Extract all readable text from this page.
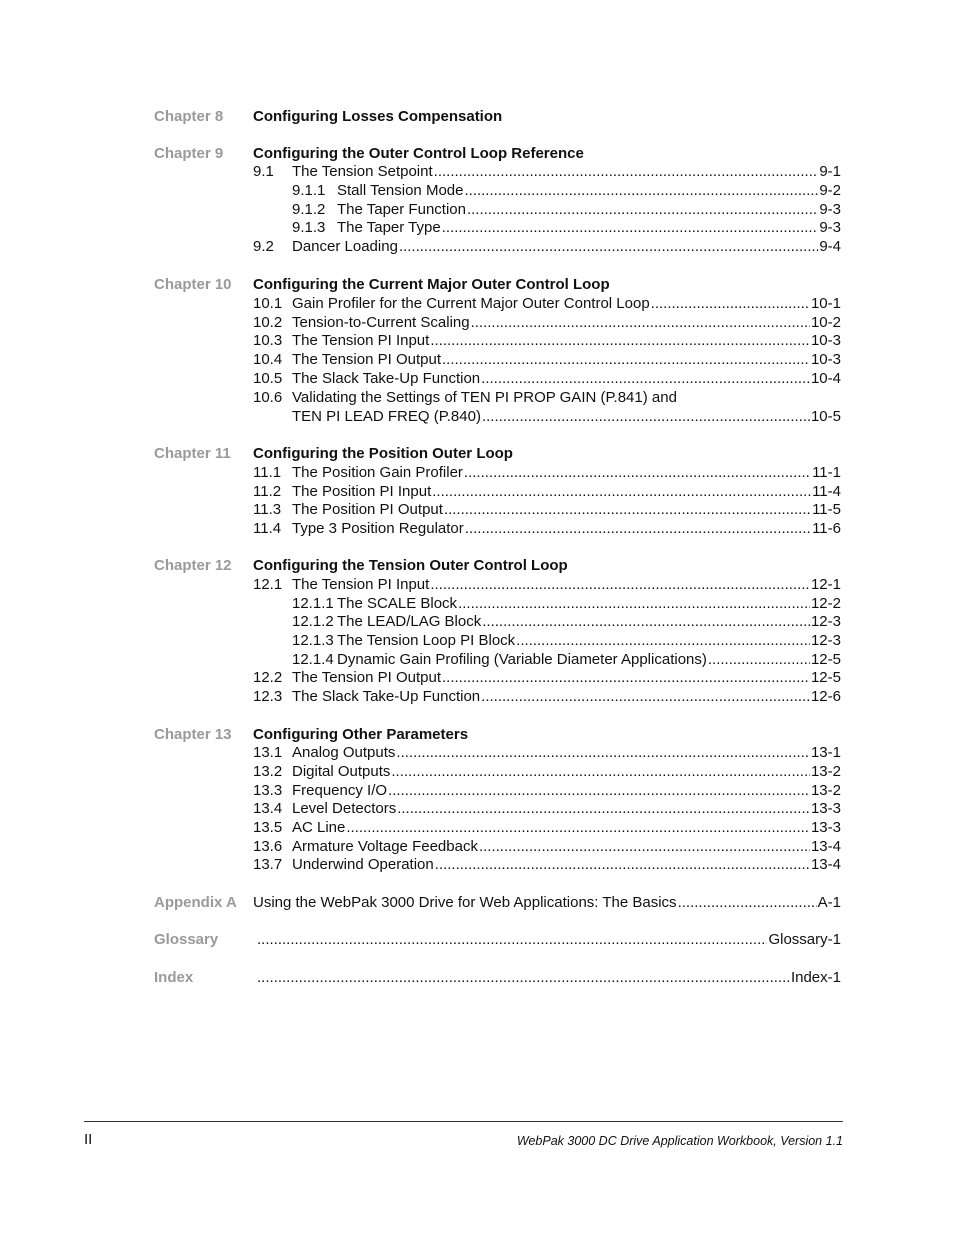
Chapter 8 Configuring Losses Compensation
Chapter 9 Configuring the Outer Control Loop Reference
9.1	The Tension Setpoint .....	9-1
9.1.1 Stall Tension Mode .....	9-2
9.1.2 The Taper Function .....	9-3
9.1.3 The Taper Type .....	9-3
9.2	Dancer Loading .....	9-4
Chapter 10 Configuring the Current Major Outer Control Loop
10.1 Gain Profiler for the Current Major Outer Control Loop .....	10-1
10.2 Tension-to-Current Scaling .....	10-2
10.3 The Tension PI Input .....	10-3
10.4 The Tension PI Output .....	10-3
10.5 The Slack Take-Up Function .....	10-4
10.6 Validating the Settings of TEN PI PROP GAIN (P.841) and
TEN PI LEAD FREQ (P.840) .....	10-5
Chapter 11 Configuring the Position Outer Loop
11.1 The Position Gain Profiler .....	11-1
11.2 The Position PI Input .....	11-4
11.3 The Position PI Output .....	11-5
11.4 Type 3 Position Regulator .....	11-6
Chapter 12 Configuring the Tension Outer Control Loop
12.1 The Tension PI Input .....	12-1
12.1.1 The SCALE Block .....	12-2
12.1.2 The LEAD/LAG Block .....	12-3
12.1.3 The Tension Loop PI Block .....	12-3
12.1.4 Dynamic Gain Profiling (Variable Diameter Applications) .....	12-5
12.2 The Tension PI Output .....	12-5
12.3 The Slack Take-Up Function .....	12-6
Chapter 13 Configuring Other Parameters
13.1 Analog Outputs .....	13-1
13.2 Digital Outputs .....	13-2
13.3 Frequency I/O .....	13-2
13.4 Level Detectors .....	13-3
13.5 AC Line .....	13-3
13.6 Armature Voltage Feedback .....	13-4
13.7 Underwind Operation .....	13-4
Appendix A Using the WebPak 3000 Drive for Web Applications: The Basics .....	A-1
Glossary .....	Glossary-1
Index .....	Index-1
II	WebPak 3000 DC Drive Application Workbook, Version 1.1
